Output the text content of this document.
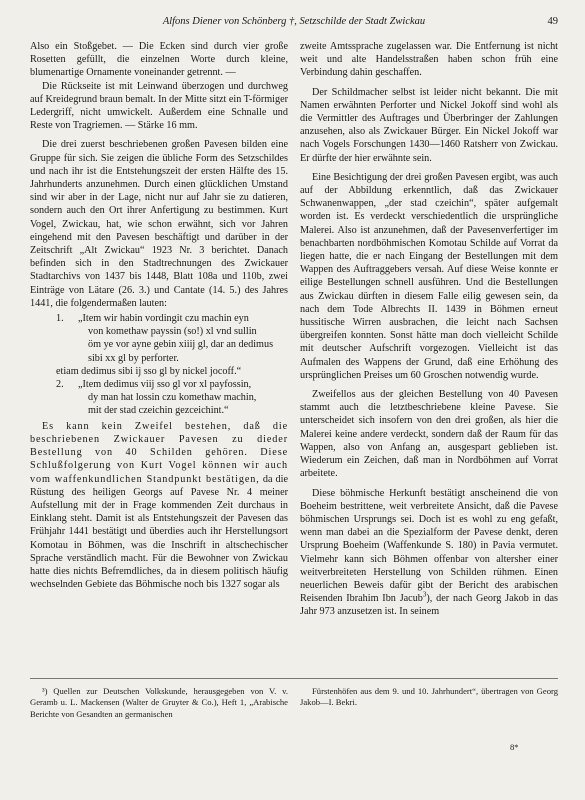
Alfons Diener von Schönberg †, Setzschilde der Stadt Zwickau	49

Also ein Stoßgebet. — Die Ecken sind durch vier große Rosetten gefüllt, die einzelnen Worte durch kleine, blumenartige Ornamente voneinander getrennt. —

Die Rückseite ist mit Leinwand überzogen und durchweg auf Kreidegrund braun bemalt. In der Mitte sitzt ein T-förmiger Ledergriff, nicht umwickelt. Außerdem eine Schnalle und Reste von Tragriemen. — Stärke 16 mm.

Die drei zuerst beschriebenen großen Pavesen bilden eine Gruppe für sich. Sie zeigen die übliche Form des Setzschildes und nach ihr ist die Entstehungszeit der ersten Hälfte des 15. Jahrhunderts anzunehmen. Durch einen glücklichen Umstand sind wir aber in der Lage, nicht nur auf Jahr sie zu datieren, sondern auch den Ort ihrer Anfertigung zu bestimmen. Kurt Vogel, Zwickau, hat, wie schon erwähnt, sich vor Jahren eingehend mit den Pavesen beschäftigt und darüber in der Zeitschrift „Alt Zwickau“ 1923 Nr. 3 berichtet. Danach befinden sich in den Stadtrechnungen des Zwickauer Stadtarchivs von 1437 bis 1448, Blatt 108a und 110b, zwei Einträge von Lätare (26. 3.) und Cantate (14. 5.) des Jahres 1441, die folgendermaßen lauten:

1.	„Item wir habin vordingit czu machin eyn
von komethaw payssin (so!) xl vnd sullin
öm ye vor ayne gebin xiiij gl, dar an dedimus
sibi xx gl by perforter.
etiam dedimus sibi ij sso gl by nickel jocoff.“

2.	„Item dedimus viij sso gl vor xl payfossin,
dy man hat lossin czu komethaw machin,
mit der stad czeichin gezceichint.“

Es kann kein Zweifel bestehen, daß die beschriebenen Zwickauer Pavesen zu dieder Bestellung von 40 Schilden gehören. Diese Schlußfolgerung von Kurt Vogel können wir auch vom waffenkundlichen Standpunkt bestätigen, da die Rüstung des heiligen Georgs auf Pavese Nr. 4 meiner Aufstellung mit der in Frage kommenden Zeit durchaus in Einklang steht. Damit ist als Entstehungszeit der Pavesen das Frühjahr 1441 bestätigt und überdies auch ihr Herstellungsort Komotau in Böhmen, was die Inschrift in altschechischer Sprache verständlich macht. Für die Bewohner von Zwickau hatte dies nichts Befremdliches, da in diesem politisch häufig wechselnden Gebiete das Böhmische noch bis 1327 sogar als

zweite Amtssprache zugelassen war. Die Entfernung ist nicht weit und alte Handelsstraßen haben schon früh eine Verbindung dahin geschaffen.

Der Schildmacher selbst ist leider nicht bekannt. Die mit Namen erwähnten Perforter und Nickel Jokoff sind wohl als die Vermittler des Auftrages und Überbringer der Zahlungen anzusehen, also als Zwickauer Bürger. Ein Nickel Jokoff war nach Vogels Forschungen 1430—1460 Ratsherr von Zwickau. Er dürfte der hier erwähnte sein.

Eine Besichtigung der drei großen Pavesen ergibt, was auch auf der Abbildung erkenntlich, daß das Zwickauer Schwanenwappen, „der stad czeichin“, später aufgemalt worden ist. Es verdeckt verschiedentlich die ursprüngliche Malerei. Also ist anzunehmen, daß der Pavesenverfertiger im benachbarten nordböhmischen Komotau Schilde auf Vorrat da liegen hatte, die er nach Eingang der Bestellungen mit dem Wappen des Auftraggebers versah. Auf diese Weise konnte er eilige Bestellungen schnell ausführen. Und die Bestellungen aus Zwickau dürften in diesem Falle eilig gewesen sein, da nach dem Tode Albrechts II. 1439 in Böhmen erneut hussitische Wirren ausbrachen, die leicht nach Sachsen übergreifen konnten. Sonst hätte man doch vielleicht Schilde mit deutscher Aufschrift vorgezogen. Vielleicht ist das Aufmalen des Wappens der Grund, daß eine Erhöhung des ursprünglichen Preises um 60 Groschen notwendig wurde.

Zweifellos aus der gleichen Bestellung von 40 Pavesen stammt auch die letztbeschriebene kleine Pavese. Sie unterscheidet sich insofern von den drei großen, als hier die Malerei keine andere verdeckt, sondern daß der Raum für das Wappen, also von Anfang an, ausgespart geblieben ist. Wiederum ein Zeichen, daß man in Nordböhmen auf Vorrat arbeitete.

Diese böhmische Herkunft bestätigt anscheinend die von Boeheim bestrittene, weit verbreitete Ansicht, daß die Pavese böhmischen Ursprungs sei. Doch ist es wohl zu eng gefaßt, wenn man dabei an die Spezialform der Pavese denkt, deren Ursprung Boeheim (Waffenkunde S. 180) in Pavia vermutet. Vielmehr kann sich Böhmen offenbar von altersher einer weitverbreiteten Herstellung von Schilden rühmen. Einen neuerlichen Beweis dafür gibt der Bericht des arabischen Reisenden Ibrahim Ibn Jacub$^3$), der nach Georg Jakob in das Jahr 973 anzusetzen ist. In seinem

³) Quellen zur Deutschen Volkskunde, herausgegeben von V. v. Geramb u. L. Mackensen (Walter de Gruyter & Co.), Heft 1, „Arabische Berichte von Gesandten an germanischen

Fürstenhöfen aus dem 9. und 10. Jahrhundert“, übertragen von Georg Jakob—I. Bekri.

8*
